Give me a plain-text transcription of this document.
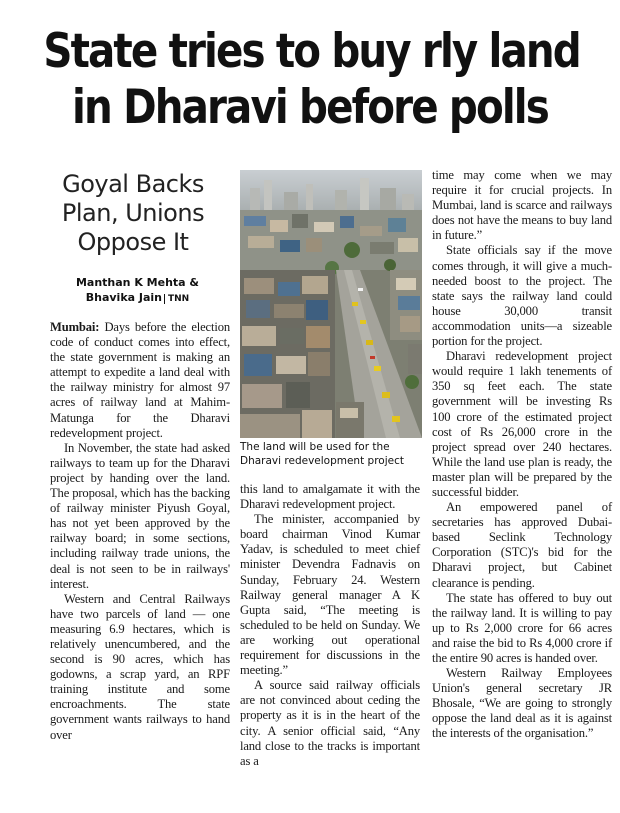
State tries to buy rly land
in Dharavi before polls
Goyal Backs
Plan, Unions
Oppose It
Manthan K Mehta &
Bhavika Jain TNN
The land will be used for the Dharavi redevelopment project

Mumbai: Days before the election code of conduct comes into effect, the state government is making an attempt to expedite a land deal with the railway ministry for almost 97 acres of railway land at Mahim-Matunga for the Dharavi redevelopment project.

In November, the state had asked railways to team up for the Dharavi project by handing over the land. The proposal, which has the backing of railway minister Piyush Goyal, has not yet been approved by the railway board; in some sections, including railway trade unions, the deal is not seen to be in railways' interest.

Western and Central Railways have two parcels of land — one measuring 6.9 hectares, which is relatively unencumbered, and the second is 90 acres, which has godowns, a scrap yard, an RPF training institute and some encroachments. The state government wants railways to hand over

this land to amalgamate it with the Dharavi redevelopment project.

The minister, accompanied by board chairman Vinod Kumar Yadav, is scheduled to meet chief minister Devendra Fadnavis on Sunday, February 24. Western Railway general manager A K Gupta said, “The meeting is scheduled to be held on Sunday. We are working out operational requirement for discussions in the meeting.”

A source said railway officials are not convinced about ceding the property as it is in the heart of the city. A senior official said, “Any land close to the tracks is important as a

time may come when we may require it for crucial projects. In Mumbai, land is scarce and railways does not have the means to buy land in future.”

State officials say if the move comes through, it will give a much-needed boost to the project. The state says the railway land could house 30,000 transit accommodation units—a sizeable portion for the project.

Dharavi redevelopment project would require 1 lakh tenements of 350 sq feet each. The state government will be investing Rs 100 crore of the estimated project cost of Rs 26,000 crore in the project spread over 240 hectares. While the land use plan is ready, the master plan will be prepared by the successful bidder.

An empowered panel of secretaries has approved Dubai-based Seclink Technology Corporation (STC)'s bid for the Dharavi project, but Cabinet clearance is pending.

The state has offered to buy out the railway land. It is willing to pay up to Rs 2,000 crore for 66 acres and raise the bid to Rs 4,000 crore if the entire 90 acres is handed over.

Western Railway Employees Union's general secretary JR Bhosale, “We are going to strongly oppose the land deal as it is against the interests of the organisation.”
